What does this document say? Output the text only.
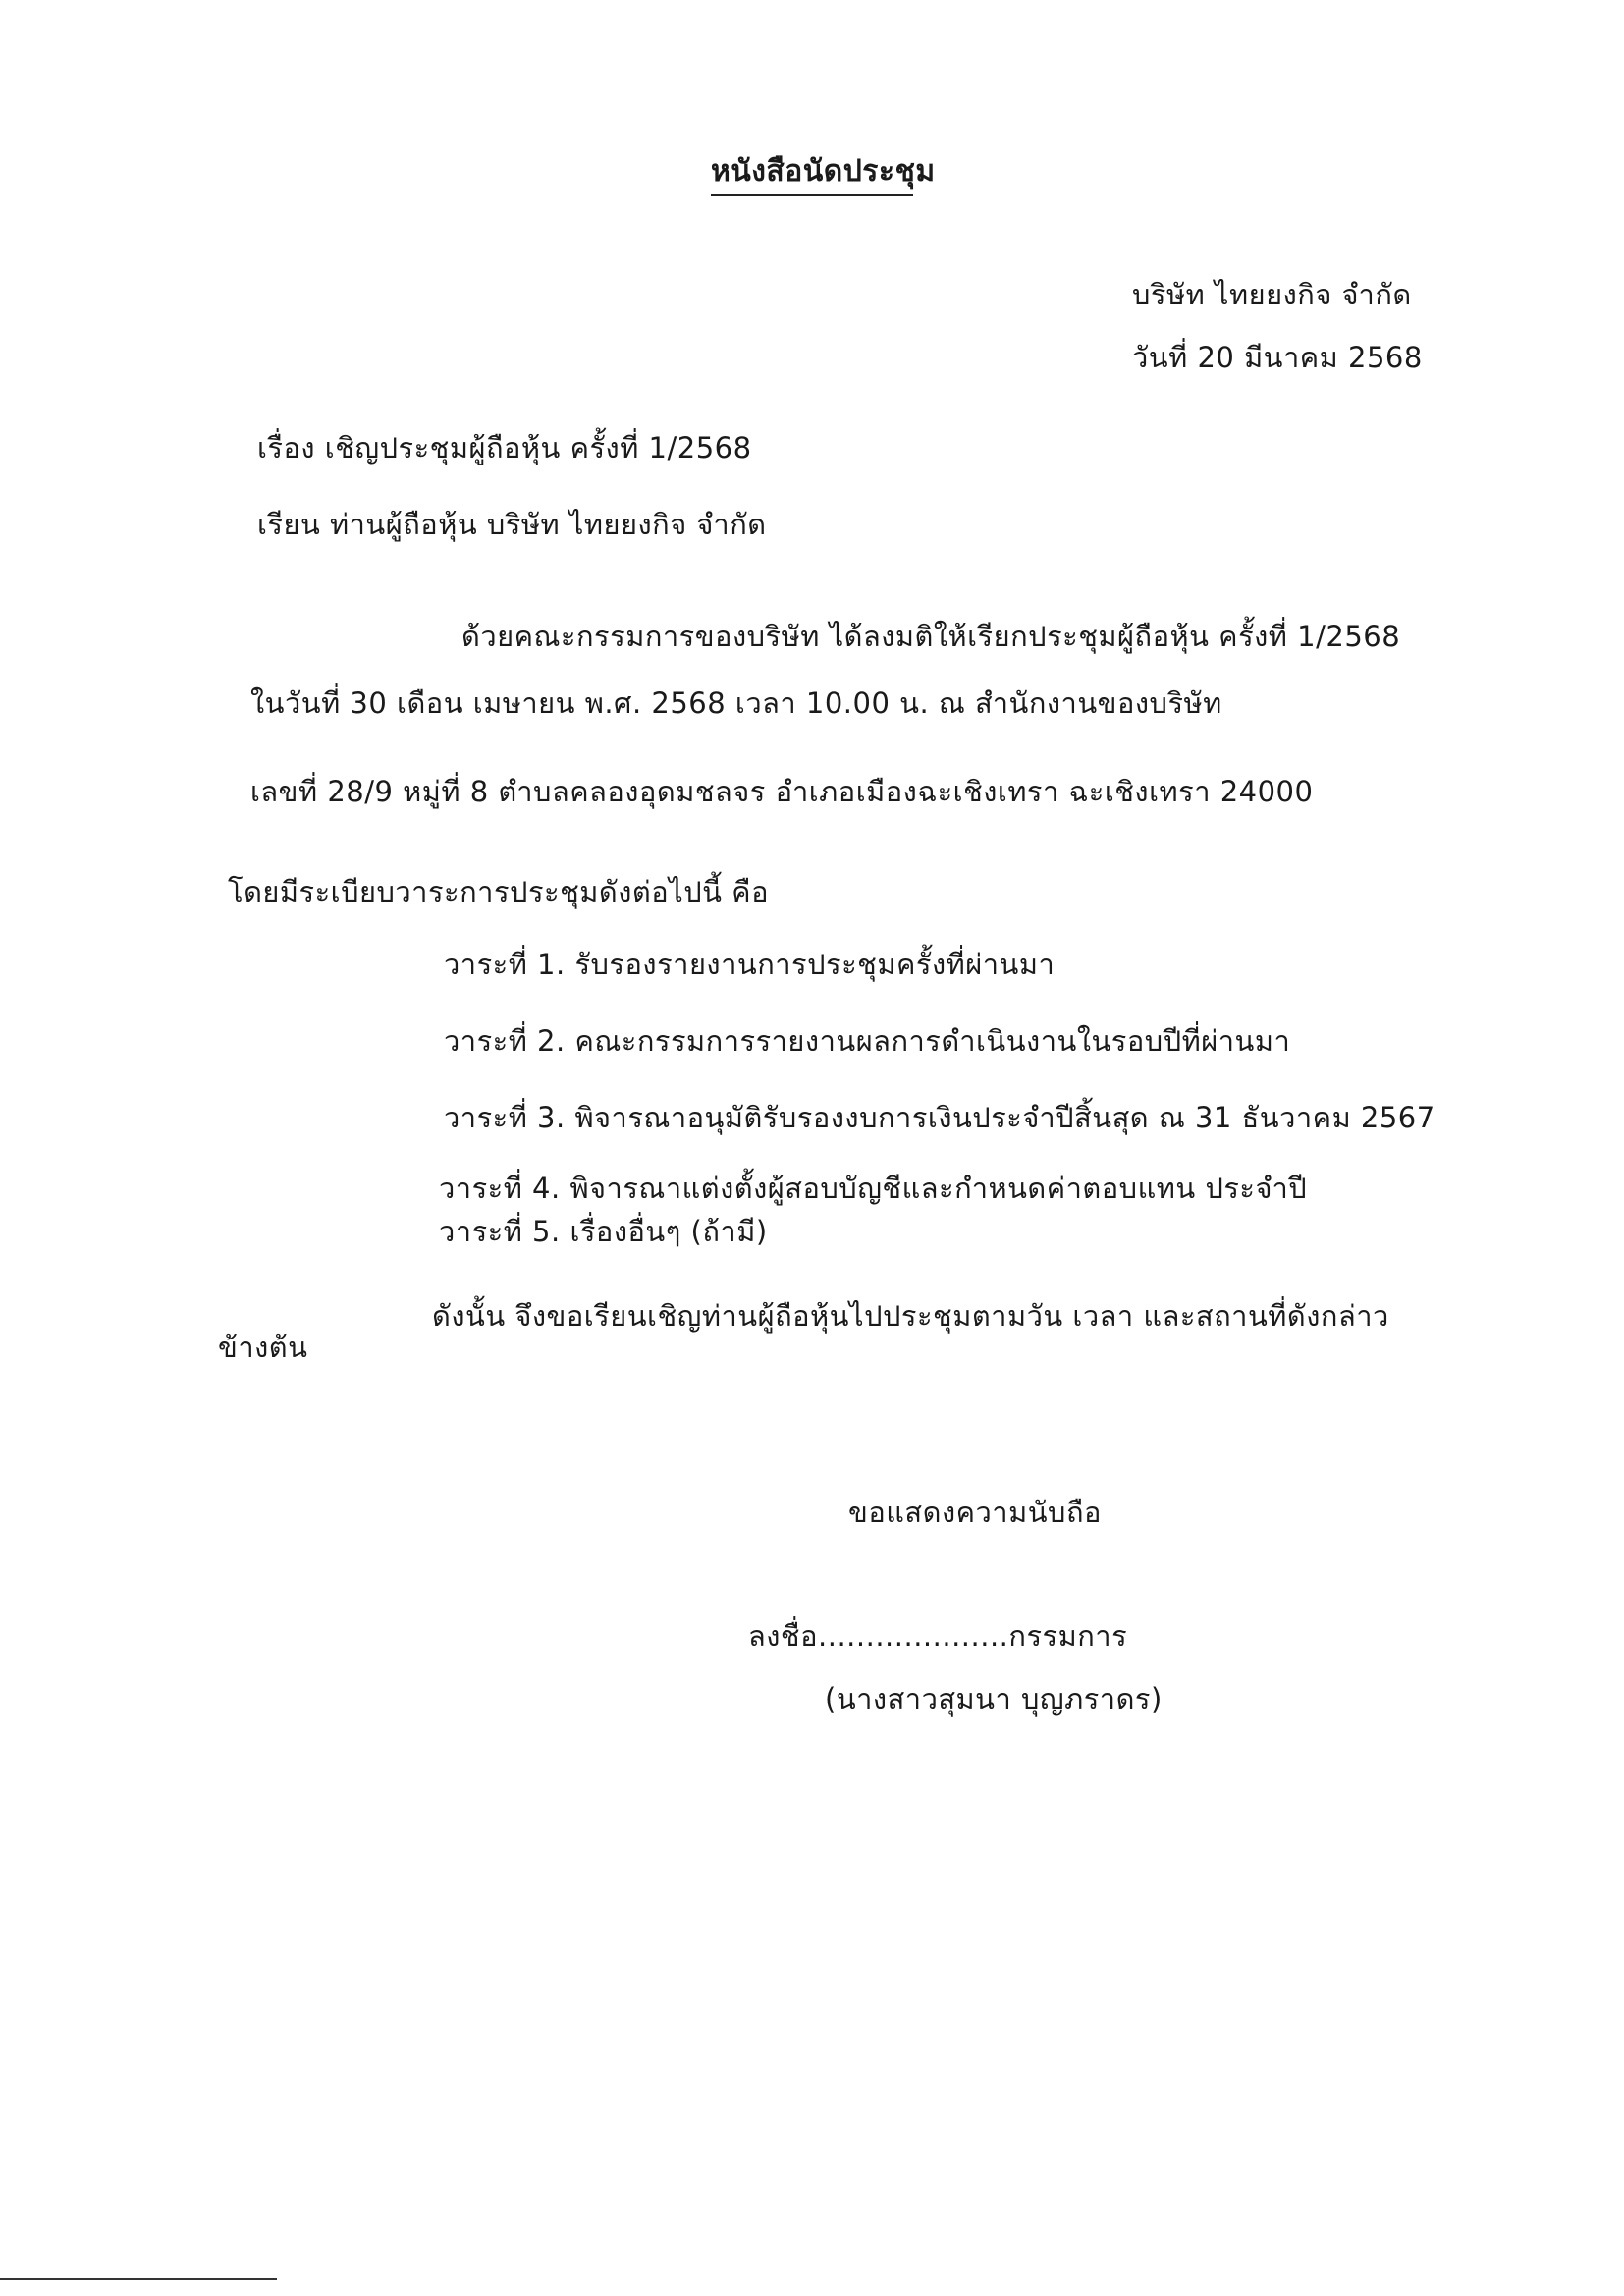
หนังสือนัดประชุม
บริษัท ไทยยงกิจ จำกัด
วันที่ 20 มีนาคม 2568
เรื่อง เชิญประชุมผู้ถือหุ้น ครั้งที่ 1/2568
เรียน ท่านผู้ถือหุ้น บริษัท ไทยยงกิจ จำกัด
ด้วยคณะกรรมการของบริษัท ได้ลงมติให้เรียกประชุมผู้ถือหุ้น ครั้งที่ 1/2568
ในวันที่ 30 เดือน เมษายน พ.ศ. 2568 เวลา 10.00 น. ณ สำนักงานของบริษัท
เลขที่ 28/9 หมู่ที่ 8 ตำบลคลองอุดมชลจร อำเภอเมืองฉะเชิงเทรา ฉะเชิงเทรา 24000
โดยมีระเบียบวาระการประชุมดังต่อไปนี้ คือ
วาระที่ 1. รับรองรายงานการประชุมครั้งที่ผ่านมา
วาระที่ 2. คณะกรรมการรายงานผลการดำเนินงานในรอบปีที่ผ่านมา
วาระที่ 3. พิจารณาอนุมัติรับรองงบการเงินประจำปีสิ้นสุด ณ 31 ธันวาคม 2567
วาระที่ 4. พิจารณาแต่งตั้งผู้สอบบัญชีและกำหนดค่าตอบแทน ประจำปี
วาระที่ 5. เรื่องอื่นๆ (ถ้ามี)
ดังนั้น จึงขอเรียนเชิญท่านผู้ถือหุ้นไปประชุมตามวัน เวลา และสถานที่ดังกล่าว
ข้างต้น
ขอแสดงความนับถือ
ลงชื่อ....................กรรมการ
(นางสาวสุมนา บุญภราดร)
